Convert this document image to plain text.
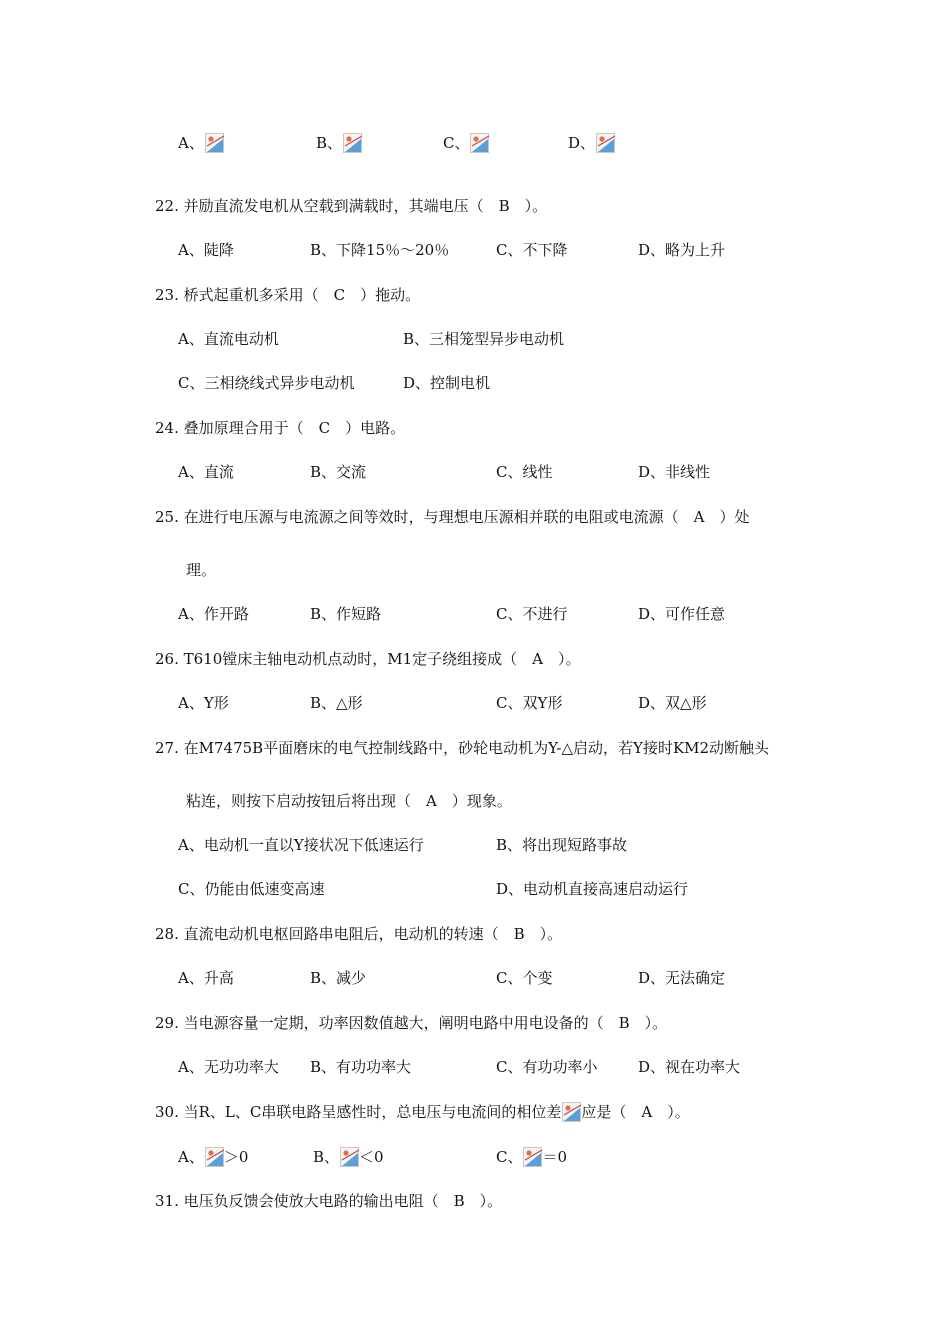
A、	B、	C、	D、
22. 并励直流发电机从空载到满载时，其端电压（　B　）。
A、陡降	B、下降15％～20％	C、不下降	D、略为上升
23. 桥式起重机多采用（　C　）拖动。
A、直流电动机	B、三相笼型异步电动机
C、三相绕线式异步电动机	D、控制电机
24. 叠加原理合用于（　C　）电路。
A、直流	B、交流	C、线性	D、非线性
25. 在进行电压源与电流源之间等效时，与理想电压源相并联的电阻或电流源（　A　）处
理。
A、作开路	B、作短路	C、不进行	D、可作任意
26. T610镗床主轴电动机点动时，M1定子绕组接成（　A　）。
A、Y形	B、△形	C、双Y形	D、双△形
27. 在M7475B平面磨床的电气控制线路中，砂轮电动机为Y-△启动，若Y接时KM2动断触头
粘连，则按下启动按钮后将出现（　A　）现象。
A、电动机一直以Y接状况下低速运行	B、将出现短路事故
C、仍能由低速变高速	D、电动机直接高速启动运行
28. 直流电动机电枢回路串电阻后，电动机的转速（　B　）。
A、升高	B、减少	C、个变	D、无法确定
29. 当电源容量一定期，功率因数值越大，阐明电路中用电设备的（　B　）。
A、无功功率大 B、有功功率大	C、有功功率小	D、视在功率大
30. 当R、L、C串联电路呈感性时，总电压与电流间的相位差 应是（　A　）。
A、 ＞0	B、 ＜0	C、 ＝0
31. 电压负反馈会使放大电路的输出电阻（　B　）。
